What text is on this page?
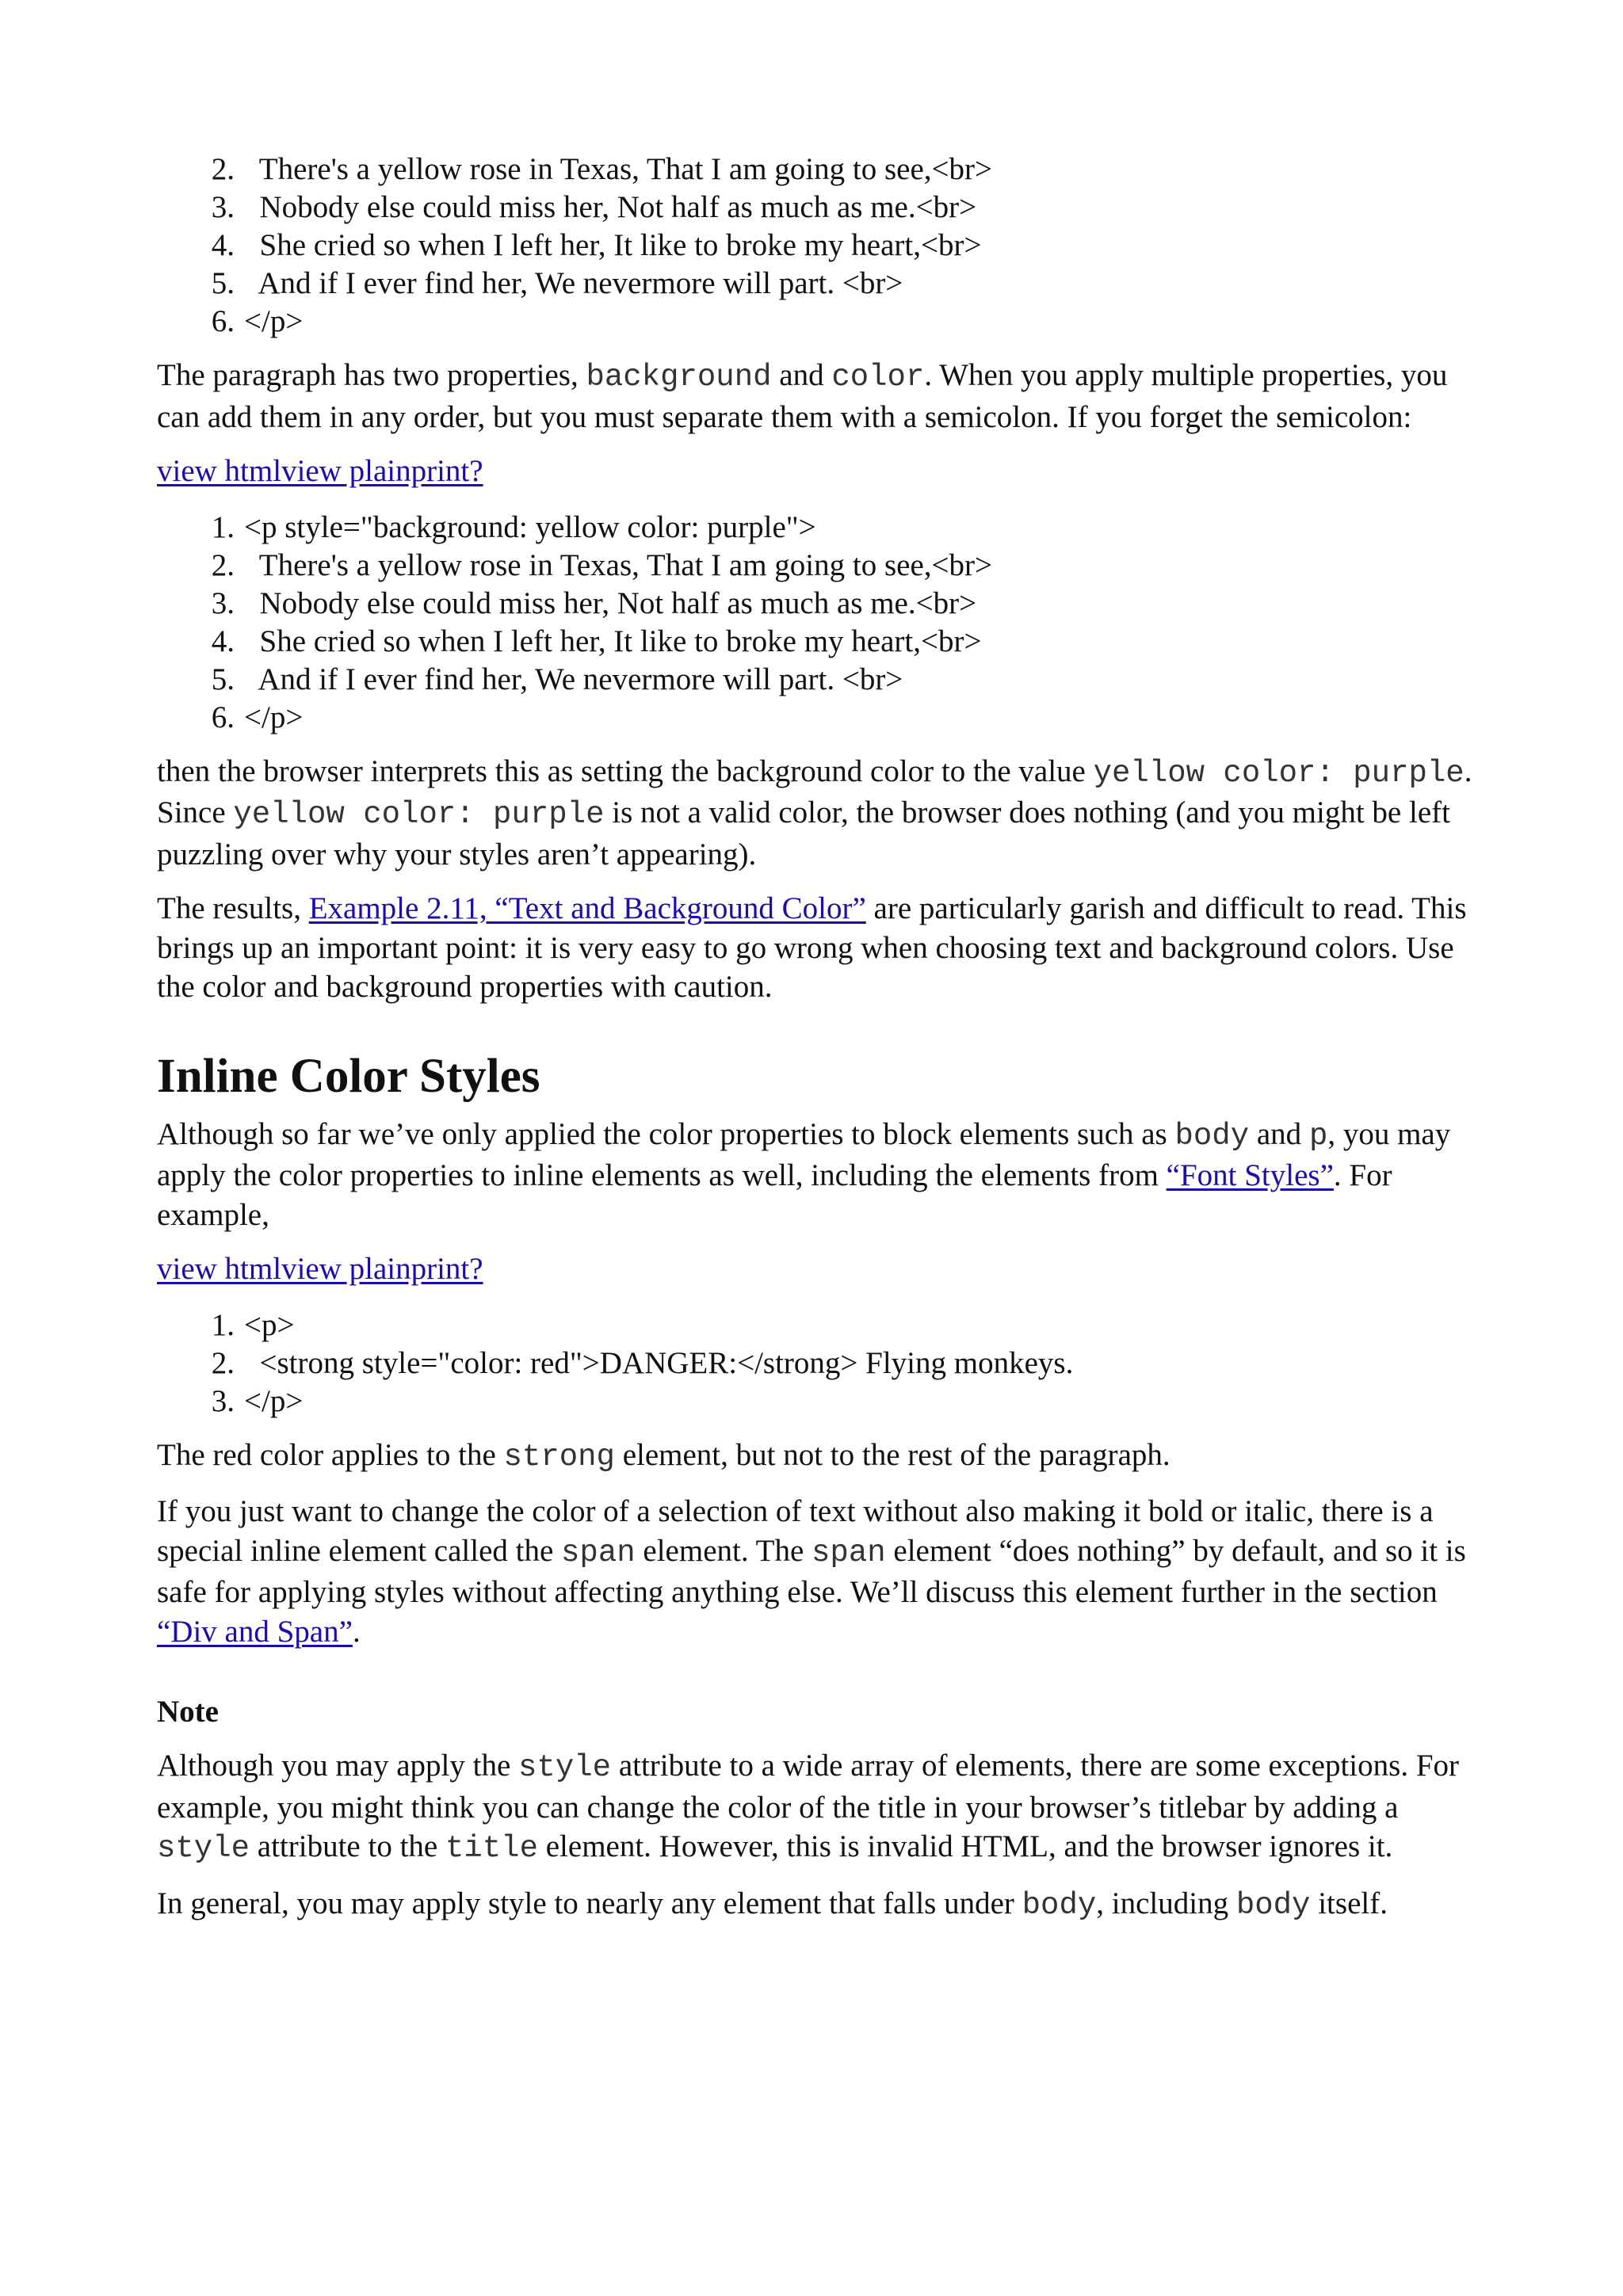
2. There's a yellow rose in Texas, That I am going to see,<br>
3. Nobody else could miss her, Not half as much as me.<br>
4. She cried so when I left her, It like to broke my heart,<br>
5. And if I ever find her, We nevermore will part. <br>
6. </p>

The paragraph has two properties, background and color. When you apply multiple properties, you can add them in any order, but you must separate them with a semicolon. If you forget the semicolon:

view htmlview plainprint?

1. <p style="background: yellow color: purple">
2. There's a yellow rose in Texas, That I am going to see,<br>
3. Nobody else could miss her, Not half as much as me.<br>
4. She cried so when I left her, It like to broke my heart,<br>
5. And if I ever find her, We nevermore will part. <br>
6. </p>

then the browser interprets this as setting the background color to the value yellow color: purple. Since yellow color: purple is not a valid color, the browser does nothing (and you might be left puzzling over why your styles aren’t appearing).

The results, Example 2.11, “Text and Background Color” are particularly garish and difficult to read. This brings up an important point: it is very easy to go wrong when choosing text and background colors. Use the color and background properties with caution.

Inline Color Styles

Although so far we’ve only applied the color properties to block elements such as body and p, you may apply the color properties to inline elements as well, including the elements from “Font Styles”. For example,

view htmlview plainprint?

1. <p>
2. <strong style="color: red">DANGER:</strong> Flying monkeys.
3. </p>

The red color applies to the strong element, but not to the rest of the paragraph.

If you just want to change the color of a selection of text without also making it bold or italic, there is a special inline element called the span element. The span element “does nothing” by default, and so it is safe for applying styles without affecting anything else. We’ll discuss this element further in the section “Div and Span”.

Note

Although you may apply the style attribute to a wide array of elements, there are some exceptions. For example, you might think you can change the color of the title in your browser’s titlebar by adding a style attribute to the title element. However, this is invalid HTML, and the browser ignores it.

In general, you may apply style to nearly any element that falls under body, including body itself.
